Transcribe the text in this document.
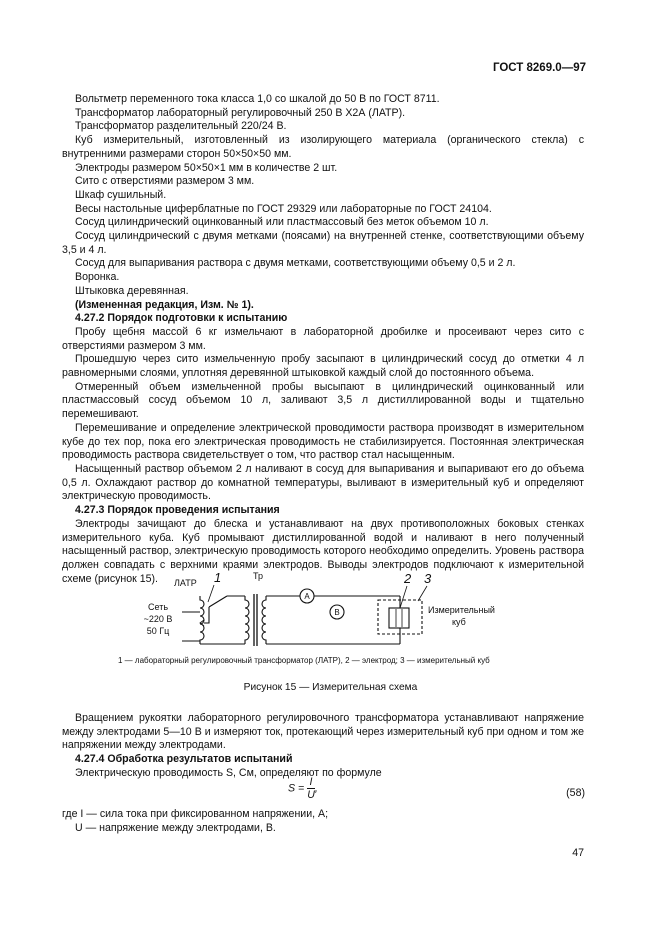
ГОСТ 8269.0—97
Вольтметр переменного тока класса 1,0 со шкалой до 50 В по ГОСТ 8711.
Трансформатор лабораторный регулировочный 250 В Х2А (ЛАТР).
Трансформатор разделительный 220/24 В.
Куб измерительный, изготовленный из изолирующего материала (органического стекла) с внутренними размерами сторон 50×50×50 мм.
Электроды размером 50×50×1 мм в количестве 2 шт.
Сито с отверстиями размером 3 мм.
Шкаф сушильный.
Весы настольные циферблатные по ГОСТ 29329 или лабораторные по ГОСТ 24104.
Сосуд цилиндрический оцинкованный или пластмассовый без меток объемом 10 л.
Сосуд цилиндрический с двумя метками (поясами) на внутренней стенке, соответствующими объему 3,5 и 4 л.
Сосуд для выпаривания раствора с двумя метками, соответствующими объему 0,5 и 2 л.
Воронка.
Штыковка деревянная.
(Измененная редакция, Изм. № 1).
4.27.2 Порядок подготовки к испытанию
Пробу щебня массой 6 кг измельчают в лабораторной дробилке и просеивают через сито с отверстиями размером 3 мм.
Прошедшую через сито измельченную пробу засыпают в цилиндрический сосуд до отметки 4 л равномерными слоями, уплотняя деревянной штыковкой каждый слой до постоянного объема.
Отмеренный объем измельченной пробы высыпают в цилиндрический оцинкованный или пластмассовый сосуд объемом 10 л, заливают 3,5 л дистиллированной воды и тщательно перемешивают.
Перемешивание и определение электрической проводимости раствора производят в измерительном кубе до тех пор, пока его электрическая проводимость не стабилизируется. Постоянная электрическая проводимость раствора свидетельствует о том, что раствор стал насыщенным.
Насыщенный раствор объемом 2 л наливают в сосуд для выпаривания и выпаривают его до объема 0,5 л. Охлаждают раствор до комнатной температуры, выливают в измерительный куб и определяют электрическую проводимость.
4.27.3 Порядок проведения испытания
Электроды зачищают до блеска и устанавливают на двух противоположных боковых стенках измерительного куба. Куб промывают дистиллированной водой и наливают в него полученный насыщенный раствор, электрическую проводимость которого необходимо определить. Уровень раствора должен совпадать с верхними краями электродов. Выводы электродов подключают к измерительной схеме (рисунок 15).
Сеть
~220 В
50 Гц
ЛАТР 1	Тр
A
B
2 3
Измерительный
куб
1 — лабораторный регулировочный трансформатор (ЛАТР), 2 — электрод; 3 — измерительный куб
Рисунок 15 — Измерительная схема
Вращением рукоятки лабораторного регулировочного трансформатора устанавливают напряжение между электродами 5—10 В и измеряют ток, протекающий через измерительный куб при одном и том же напряжении между электродами.
4.27.4 Обработка результатов испытаний
Электрическую проводимость S, См, определяют по формуле
$S = \frac{I}{U}$ ,	(58)
где I — сила тока при фиксированном напряжении, А;
U — напряжение между электродами, В.
47
